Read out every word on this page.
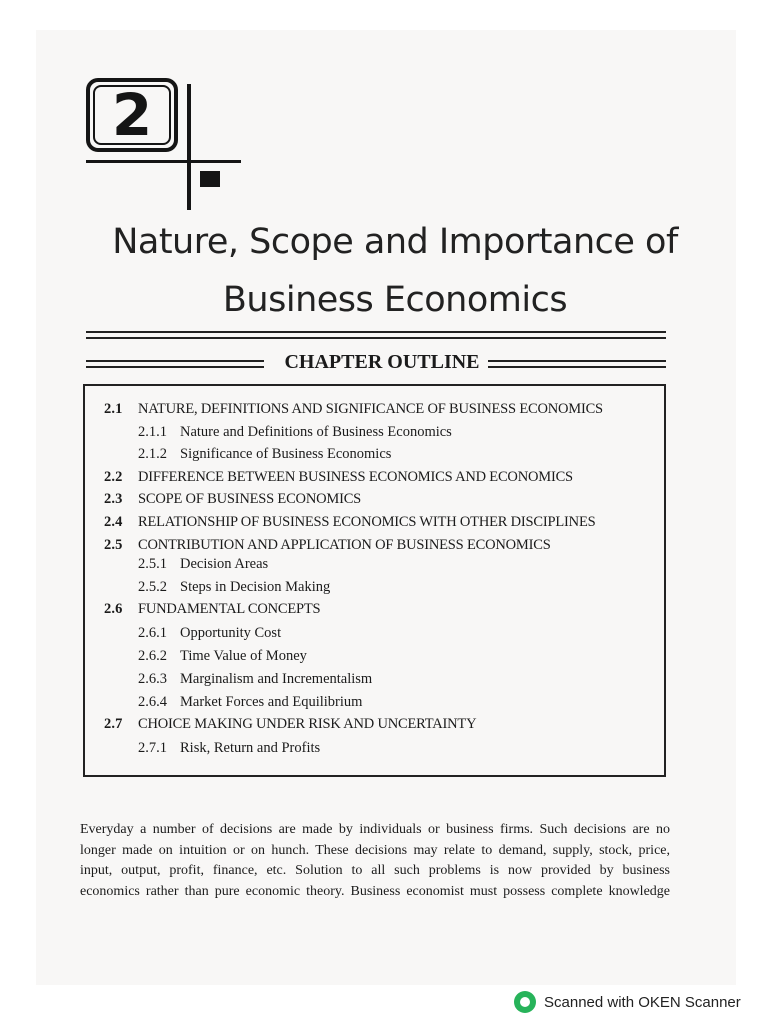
2
Nature, Scope and Importance of
Business Economics
CHAPTER OUTLINE
2.1 NATURE, DEFINITIONS AND SIGNIFICANCE OF BUSINESS ECONOMICS
2.1.1 Nature and Definitions of Business Economics
2.1.2 Significance of Business Economics
2.2 DIFFERENCE BETWEEN BUSINESS ECONOMICS AND ECONOMICS
2.3 SCOPE OF BUSINESS ECONOMICS
2.4 RELATIONSHIP OF BUSINESS ECONOMICS WITH OTHER DISCIPLINES
2.5 CONTRIBUTION AND APPLICATION OF BUSINESS ECONOMICS
2.5.1 Decision Areas
2.5.2 Steps in Decision Making
2.6 FUNDAMENTAL CONCEPTS
2.6.1 Opportunity Cost
2.6.2 Time Value of Money
2.6.3 Marginalism and Incrementalism
2.6.4 Market Forces and Equilibrium
2.7 CHOICE MAKING UNDER RISK AND UNCERTAINTY
2.7.1 Risk, Return and Profits
Everyday a number of decisions are made by individuals or business firms. Such decisions are no
longer made on intuition or on hunch. These decisions may relate to demand, supply, stock, price,
input, output, profit, finance, etc. Solution to all such problems is now provided by business
economics rather than pure economic theory. Business economist must possess complete knowledge
Scanned with OKEN Scanner
